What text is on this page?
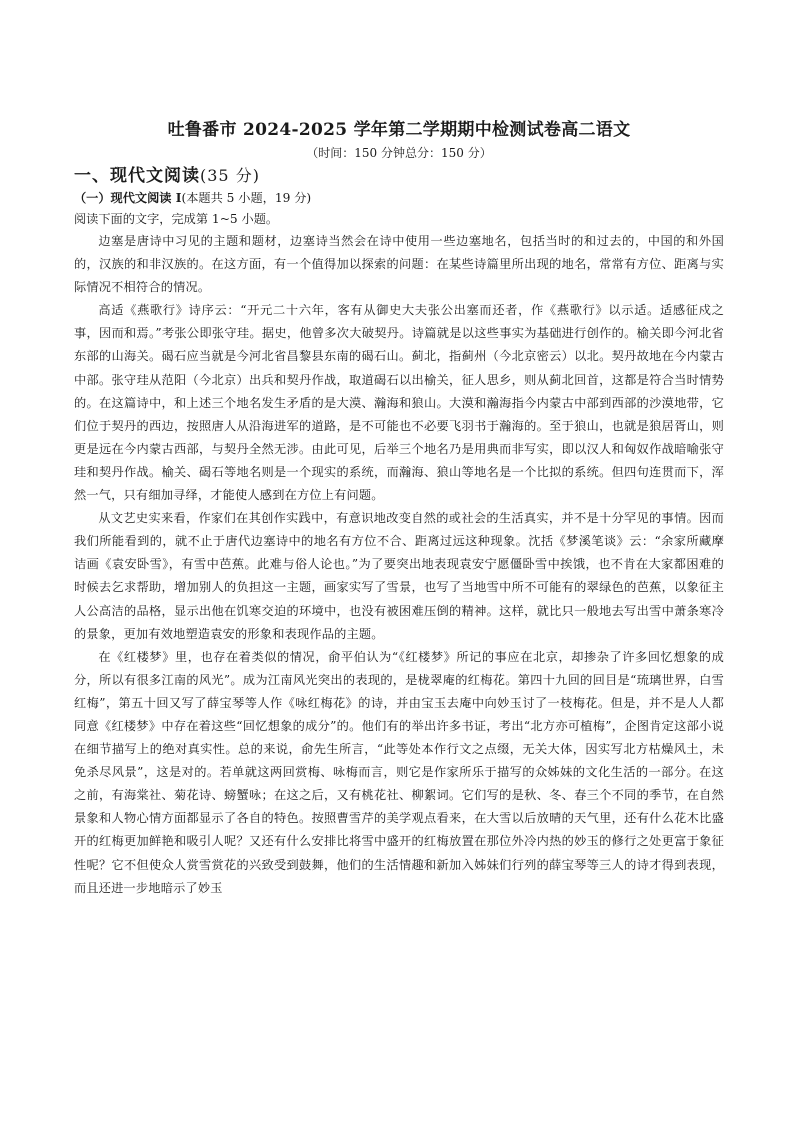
吐鲁番市 2024-2025 学年第二学期期中检测试卷高二语文
（时间：150 分钟总分：150 分）
一、现代文阅读(35 分)
（一）现代文阅读 I(本题共 5 小题，19 分)
阅读下面的文字，完成第 1~5 小题。

边塞是唐诗中习见的主题和题材，边塞诗当然会在诗中使用一些边塞地名，包括当时的和过去的，中国的和外国的，汉族的和非汉族的。在这方面，有一个值得加以探索的问题：在某些诗篇里所出现的地名，常常有方位、距离与实际情况不相符合的情况。

高适《燕歌行》诗序云：“开元二十六年，客有从御史大夫张公出塞而还者，作《燕歌行》以示适。适感征戍之事，因而和焉。”考张公即张守珪。据史，他曾多次大破契丹。诗篇就是以这些事实为基础进行创作的。榆关即今河北省东部的山海关。碣石应当就是今河北省昌黎县东南的碣石山。蓟北，指蓟州（今北京密云）以北。契丹故地在今内蒙古中部。张守珪从范阳（今北京）出兵和契丹作战，取道碣石以出榆关，征人思乡，则从蓟北回首，这都是符合当时情势的。在这篇诗中，和上述三个地名发生矛盾的是大漠、瀚海和狼山。大漠和瀚海指今内蒙古中部到西部的沙漠地带，它们位于契丹的西边，按照唐人从沿海进军的道路，是不可能也不必要飞羽书于瀚海的。至于狼山，也就是狼居胥山，则更是远在今内蒙古西部，与契丹全然无涉。由此可见，后举三个地名乃是用典而非写实，即以汉人和匈奴作战暗喻张守珪和契丹作战。榆关、碣石等地名则是一个现实的系统，而瀚海、狼山等地名是一个比拟的系统。但四句连贯而下，浑然一气，只有细加寻绎，才能使人感到在方位上有问题。

从文艺史实来看，作家们在其创作实践中，有意识地改变自然的或社会的生活真实，并不是十分罕见的事情。因而我们所能看到的，就不止于唐代边塞诗中的地名有方位不合、距离过远这种现象。沈括《梦溪笔谈》云：“余家所藏摩诘画《袁安卧雪》，有雪中芭蕉。此难与俗人论也。”为了要突出地表现袁安宁愿僵卧雪中挨饿，也不肯在大家都困难的时候去乞求帮助，增加别人的负担这一主题，画家实写了雪景，也写了当地雪中所不可能有的翠绿色的芭蕉，以象征主人公高洁的品格，显示出他在饥寒交迫的环境中，也没有被困难压倒的精神。这样，就比只一般地去写出雪中萧条寒冷的景象，更加有效地塑造袁安的形象和表现作品的主题。

在《红楼梦》里，也存在着类似的情况，俞平伯认为“《红楼梦》所记的事应在北京，却掺杂了许多回忆想象的成分，所以有很多江南的风光”。成为江南风光突出的表现的，是栊翠庵的红梅花。第四十九回的回目是“琉璃世界，白雪红梅”，第五十回又写了薛宝琴等人作《咏红梅花》的诗，并由宝玉去庵中向妙玉讨了一枝梅花。但是，并不是人人都同意《红楼梦》中存在着这些“回忆想象的成分”的。他们有的举出许多书证，考出“北方亦可植梅”，企图肯定这部小说在细节描写上的绝对真实性。总的来说，俞先生所言，“此等处本作行文之点缀，无关大体，因实写北方枯燥风土，未免杀尽风景”，这是对的。若单就这两回赏梅、咏梅而言，则它是作家所乐于描写的众姊妹的文化生活的一部分。在这之前，有海棠社、菊花诗、螃蟹咏；在这之后，又有桃花社、柳絮词。它们写的是秋、冬、春三个不同的季节，在自然景象和人物心情方面都显示了各自的特色。按照曹雪芹的美学观点看来，在大雪以后放晴的天气里，还有什么花木比盛开的红梅更加鲜艳和吸引人呢？又还有什么安排比将雪中盛开的红梅放置在那位外冷内热的妙玉的修行之处更富于象征性呢？它不但使众人赏雪赏花的兴致受到鼓舞，他们的生活情趣和新加入姊妹们行列的薛宝琴等三人的诗才得到表现，而且还进一步地暗示了妙玉
